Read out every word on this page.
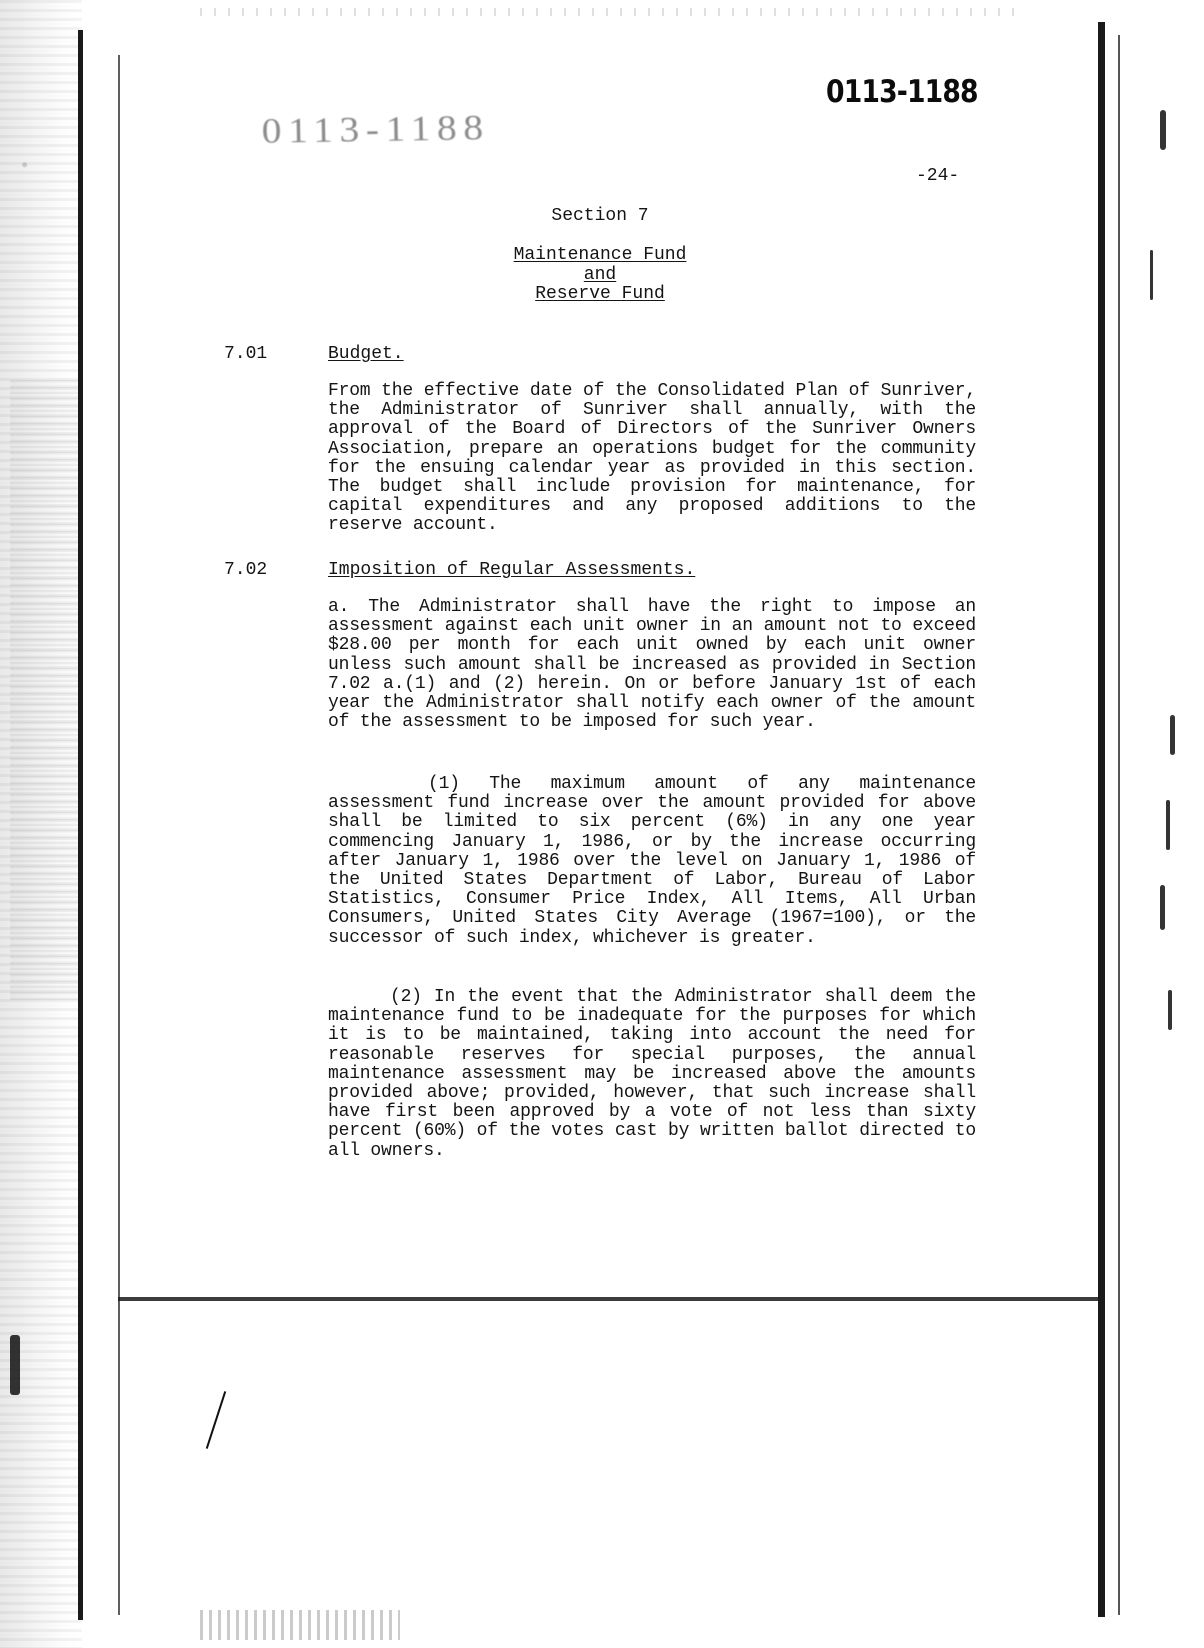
0113-1188
0113-1188
-24-
Section 7
Maintenance Fund
and
Reserve Fund
7.01	Budget.

From the effective date of the Consolidated Plan of Sunriver, the Administrator of Sunriver shall annually, with the approval of the Board of Directors of the Sunriver Owners Association, prepare an operations budget for the community for the ensuing calendar year as provided in this section. The budget shall include provision for maintenance, for capital expenditures and any proposed additions to the reserve account.

7.02	Imposition of Regular Assessments.

a. The Administrator shall have the right to impose an assessment against each unit owner in an amount not to exceed $28.00 per month for each unit owned by each unit owner unless such amount shall be increased as provided in Section 7.02 a.(1) and (2) herein. On or before January 1st of each year the Administrator shall notify each owner of the amount of the assessment to be imposed for such year.

(1) The maximum amount of any maintenance assessment fund increase over the amount provided for above shall be limited to six percent (6%) in any one year commencing January 1, 1986, or by the increase occurring after January 1, 1986 over the level on January 1, 1986 of the United States Department of Labor, Bureau of Labor Statistics, Consumer Price Index, All Items, All Urban Consumers, United States City Average (1967=100), or the successor of such index, whichever is greater.

(2) In the event that the Administrator shall deem the maintenance fund to be inadequate for the purposes for which it is to be maintained, taking into account the need for reasonable reserves for special purposes, the annual maintenance assessment may be increased above the amounts provided above; provided, however, that such increase shall have first been approved by a vote of not less than sixty percent (60%) of the votes cast by written ballot directed to all owners.
